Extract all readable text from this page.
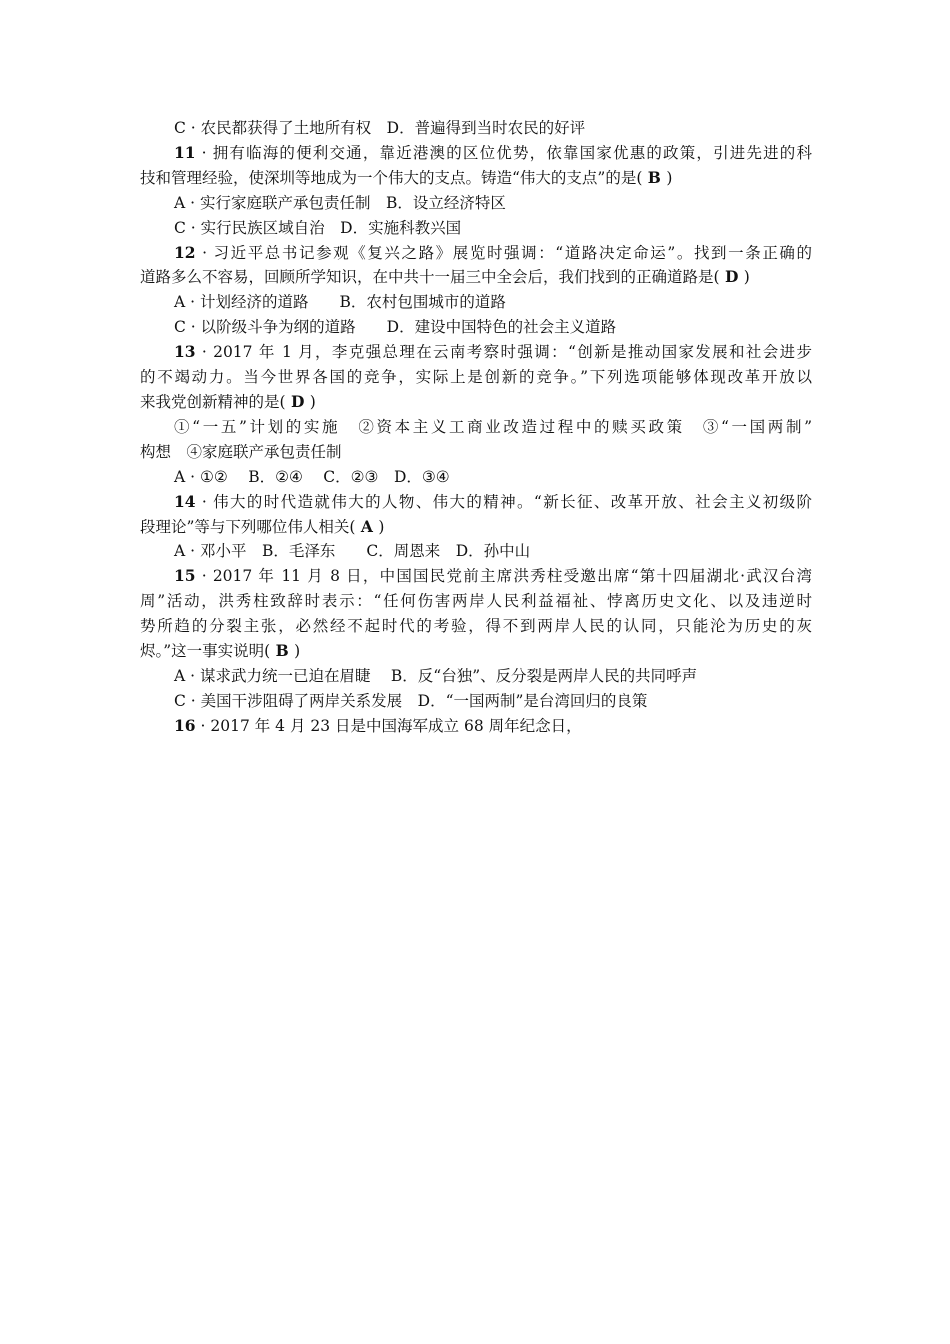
C · 农民都获得了土地所有权　D．普遍得到当时农民的好评

11 · 拥有临海的便利交通，靠近港澳的区位优势，依靠国家优惠的政策，引进先进的科

技和管理经验，使深圳等地成为一个伟大的支点。铸造“伟大的支点”的是( B )

A · 实行家庭联产承包责任制　B．设立经济特区

C · 实行民族区域自治　D．实施科教兴国

12 · 习近平总书记参观《复兴之路》展览时强调：“道路决定命运”。找到一条正确的

道路多么不容易，回顾所学知识，在中共十一届三中全会后，我们找到的正确道路是( D )

A · 计划经济的道路　　B．农村包围城市的道路

C · 以阶级斗争为纲的道路　　D．建设中国特色的社会主义道路

13 · 2017 年 1 月，李克强总理在云南考察时强调：“创新是推动国家发展和社会进步

的不竭动力。当今世界各国的竞争，实际上是创新的竞争。”下列选项能够体现改革开放以

来我党创新精神的是( D )

①“一五”计划的实施　②资本主义工商业改造过程中的赎买政策　③“一国两制”

构想　④家庭联产承包责任制

A · ①②　 B．②④　 C．②③　D．③④

14 · 伟大的时代造就伟大的人物、伟大的精神。“新长征、改革开放、社会主义初级阶

段理论”等与下列哪位伟人相关( A )

A · 邓小平　B．毛泽东　　C．周恩来　D．孙中山

15 · 2017 年 11 月 8 日，中国国民党前主席洪秀柱受邀出席“第十四届湖北·武汉台湾

周”活动，洪秀柱致辞时表示：“任何伤害两岸人民利益福祉、悖离历史文化、以及违逆时

势所趋的分裂主张，必然经不起时代的考验，得不到两岸人民的认同，只能沦为历史的灰

烬。”这一事实说明( B )

A · 谋求武力统一已迫在眉睫　 B．反“台独”、反分裂是两岸人民的共同呼声

C · 美国干涉阻碍了两岸关系发展　D．“一国两制”是台湾回归的良策

16 · 2017 年 4 月 23 日是中国海军成立 68 周年纪念日，
